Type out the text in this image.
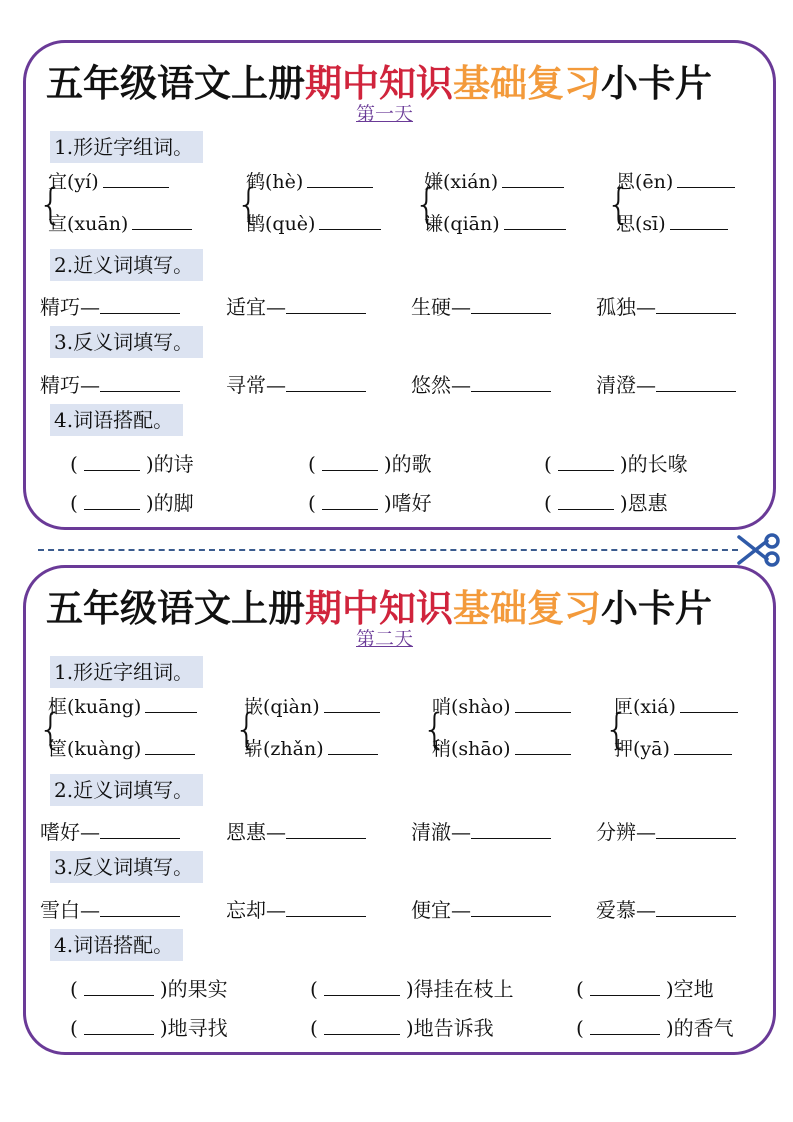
五年级语文上册期中知识基础复习小卡片
第一天
1.形近字组词。
{
宜(yí)
宣(xuān)	{
鹤(hè)
鹊(què)	{
嫌(xián)
谦(qiān)	{
恩(ēn)
思(sī)
2.近义词填写。
精巧—	适宜—	生硬—	孤独—
3.反义词填写。
精巧—	寻常—	悠然—	清澄—
4.词语搭配。
(	)的诗	(	)的歌	(	)的长喙
(	)的脚	(	)嗜好	(	)恩惠
五年级语文上册期中知识基础复习小卡片
第二天
1.形近字组词。
{
框(kuāng)
筐(kuàng)	{
嵌(qiàn)
崭(zhǎn)	{
哨(shào)
稍(shāo)	{
匣(xiá)
押(yā)
2.近义词填写。
嗜好—	恩惠—	清澈—	分辨—
3.反义词填写。
雪白—	忘却—	便宜—	爱慕—
4.词语搭配。
(	)的果实	(	)得挂在枝上	(	)空地
(	)地寻找	(	)地告诉我	(	)的香气
